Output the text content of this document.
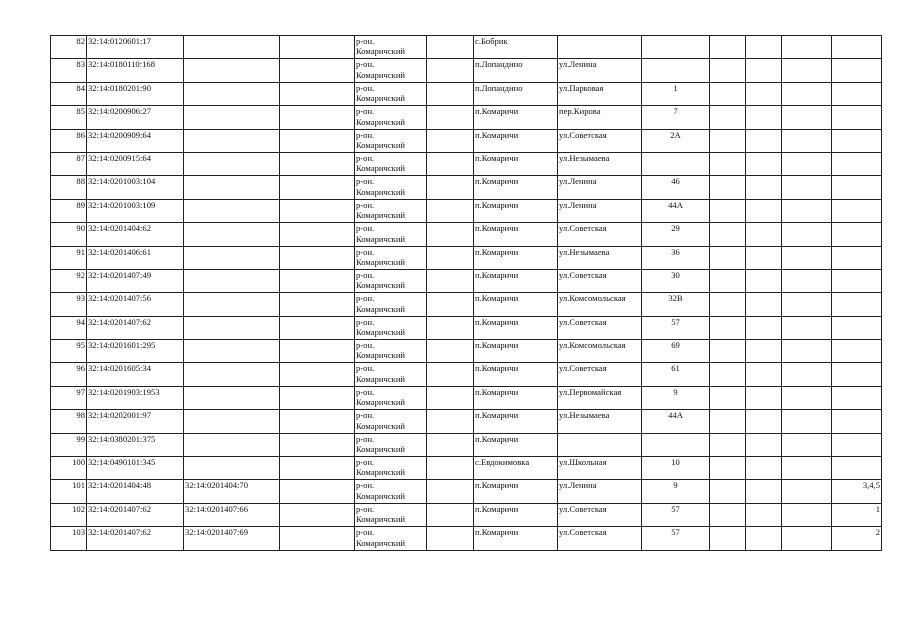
82	32:14:0120601:17			р-он.
Комаричский		с.Бобрик						
83	32:14:0180110:168			р-он.
Комаричский		п.Лопандино	ул.Ленина					
84	32:14:0180201:90			р-он.
Комаричский		п.Лопандино	ул.Парковая	1				
85	32:14:0200906:27			р-он.
Комаричский		п.Комаричи	пер.Кирова	7				
86	32:14:0200909:64			р-он.
Комаричский		п.Комаричи	ул.Советская	2А				
87	32:14:0200915:64			р-он.
Комаричский		п.Комаричи	ул.Незымаева					
88	32:14:0201003:104			р-он.
Комаричский		п.Комаричи	ул.Ленина	46				
89	32:14:0201003:109			р-он.
Комаричский		п.Комаричи	ул.Ленина	44А				
90	32:14:0201404:62			р-он.
Комаричский		п.Комаричи	ул.Советская	29				
91	32:14:0201406:61			р-он.
Комаричский		п.Комаричи	ул.Незымаева	36				
92	32:14:0201407:49			р-он.
Комаричский		п.Комаричи	ул.Советская	30				
93	32:14:0201407:56			р-он.
Комаричский		п.Комаричи	ул.Комсомольская	32В				
94	32:14:0201407:62			р-он.
Комаричский		п.Комаричи	ул.Советская	57				
95	32:14:0201601:295			р-он.
Комаричский		п.Комаричи	ул.Комсомольская	69				
96	32:14:0201605:34			р-он.
Комаричский		п.Комаричи	ул.Советская	61				
97	32:14:0201903:1953			р-он.
Комаричский		п.Комаричи	ул.Первомайская	9				
98	32:14:0202001:97			р-он.
Комаричский		п.Комаричи	ул.Незымаева	44А				
99	32:14:0380201:375			р-он.
Комаричский		п.Комаричи						
100	32:14:0490101:345			р-он.
Комаричский		с.Евдокимовка	ул.Школьная	10				
101	32:14:0201404:48	32:14:0201404:70		р-он.
Комаричский		п.Комаричи	ул.Ленина	9				3,4,5
102	32:14:0201407:62	32:14:0201407:66		р-он.
Комаричский		п.Комаричи	ул.Советская	57				1
103	32:14:0201407:62	32:14:0201407:69		р-он.
Комаричский		п.Комаричи	ул.Советская	57				2
